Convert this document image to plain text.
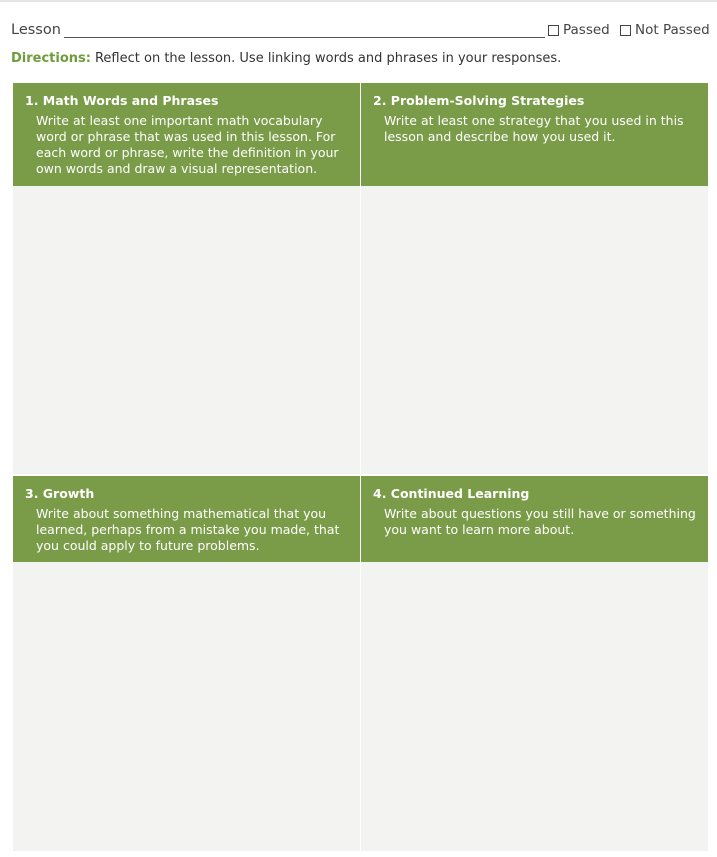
Lesson	Passed Not Passed
Directions: Reflect on the lesson. Use linking words and phrases in your responses.
1. Math Words and Phrases
Write at least one important math vocabulary word or phrase that was used in this lesson. For each word or phrase, write the definition in your own words and draw a visual representation.
2. Problem-Solving Strategies
Write at least one strategy that you used in this lesson and describe how you used it.
3. Growth
Write about something mathematical that you learned, perhaps from a mistake you made, that you could apply to future problems.
4. Continued Learning
Write about questions you still have or something you want to learn more about.
